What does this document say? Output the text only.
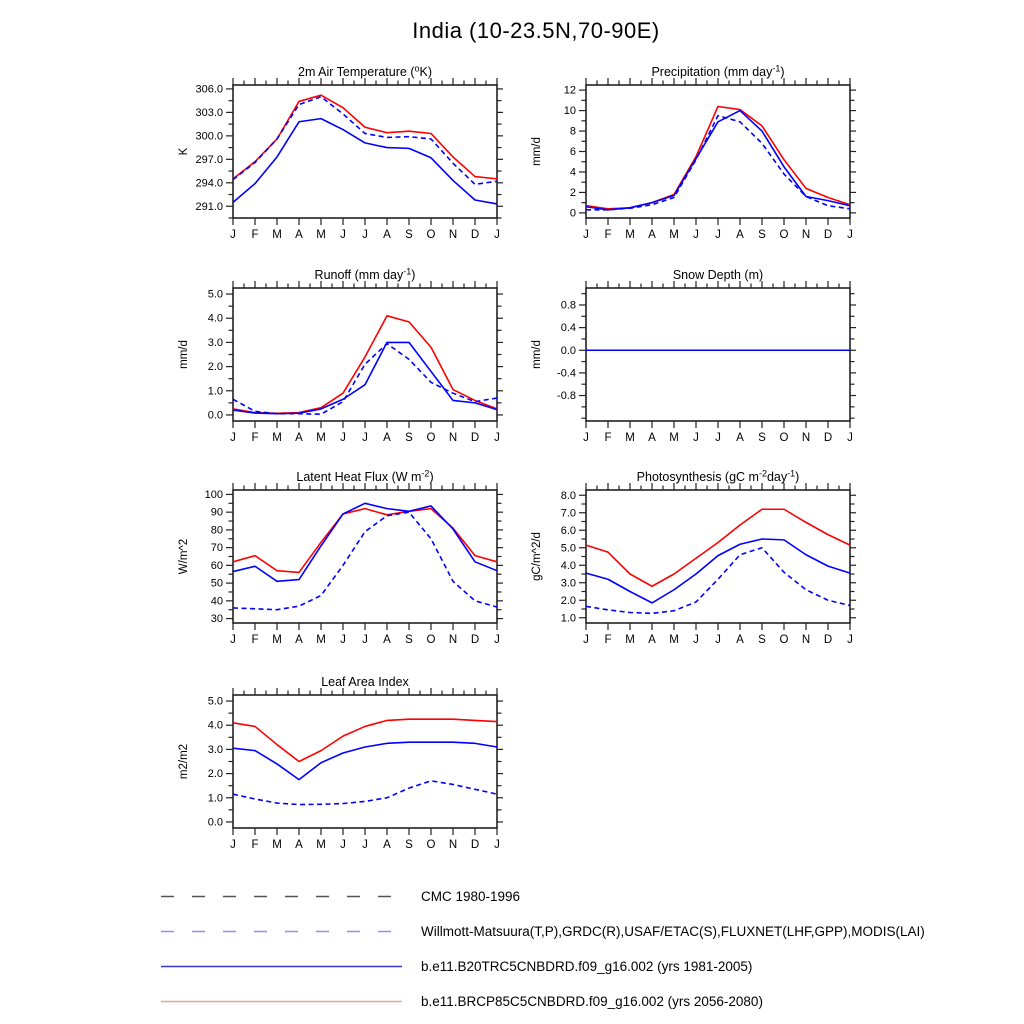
India (10-23.5N,70-90E)
J F M A M J J A S O N D J
291.0
294.0
297.0
300.0
303.0
306.0
2m Air Temperature ($^o$K)
K
J F M A M J J A S O N D J
0
2
4
6
8
10
12
Precipitation (mm day$^{-1}$)
mm/d
J F M A M J J A S O N D J
0.0
1.0
2.0
3.0
4.0
5.0
Runoff (mm day$^{-1}$)
mm/d
J F M A M J J A S O N D J
-0.8
-0.4
0.0
0.4
0.8
Snow Depth (m)
mm/d
J F M A M J J A S O N D J
30
40
50
60
70
80
90
100
Latent Heat Flux (W $m^{-2}$)
W/m^2
J F M A M J J A S O N D J
1.0
2.0
3.0
4.0
5.0
6.0
7.0
8.0
Photosynthesis (gC $m^{-2}day^{-1}$)
gC/m^2/d
J F M A M J J A S O N D J
0.0
1.0
2.0
3.0
4.0
5.0
Leaf Area Index
m2/m2
CMC 1980-1996
Willmott-Matsuura(T,P),GRDC(R),USAF/ETAC(S),FLUXNET(LHF,GPP),MODIS(LAI)
b.e11.B20TRC5CNBDRD.f09_g16.002 (yrs 1981-2005)
b.e11.BRCP85C5CNBDRD.f09_g16.002 (yrs 2056-2080)
